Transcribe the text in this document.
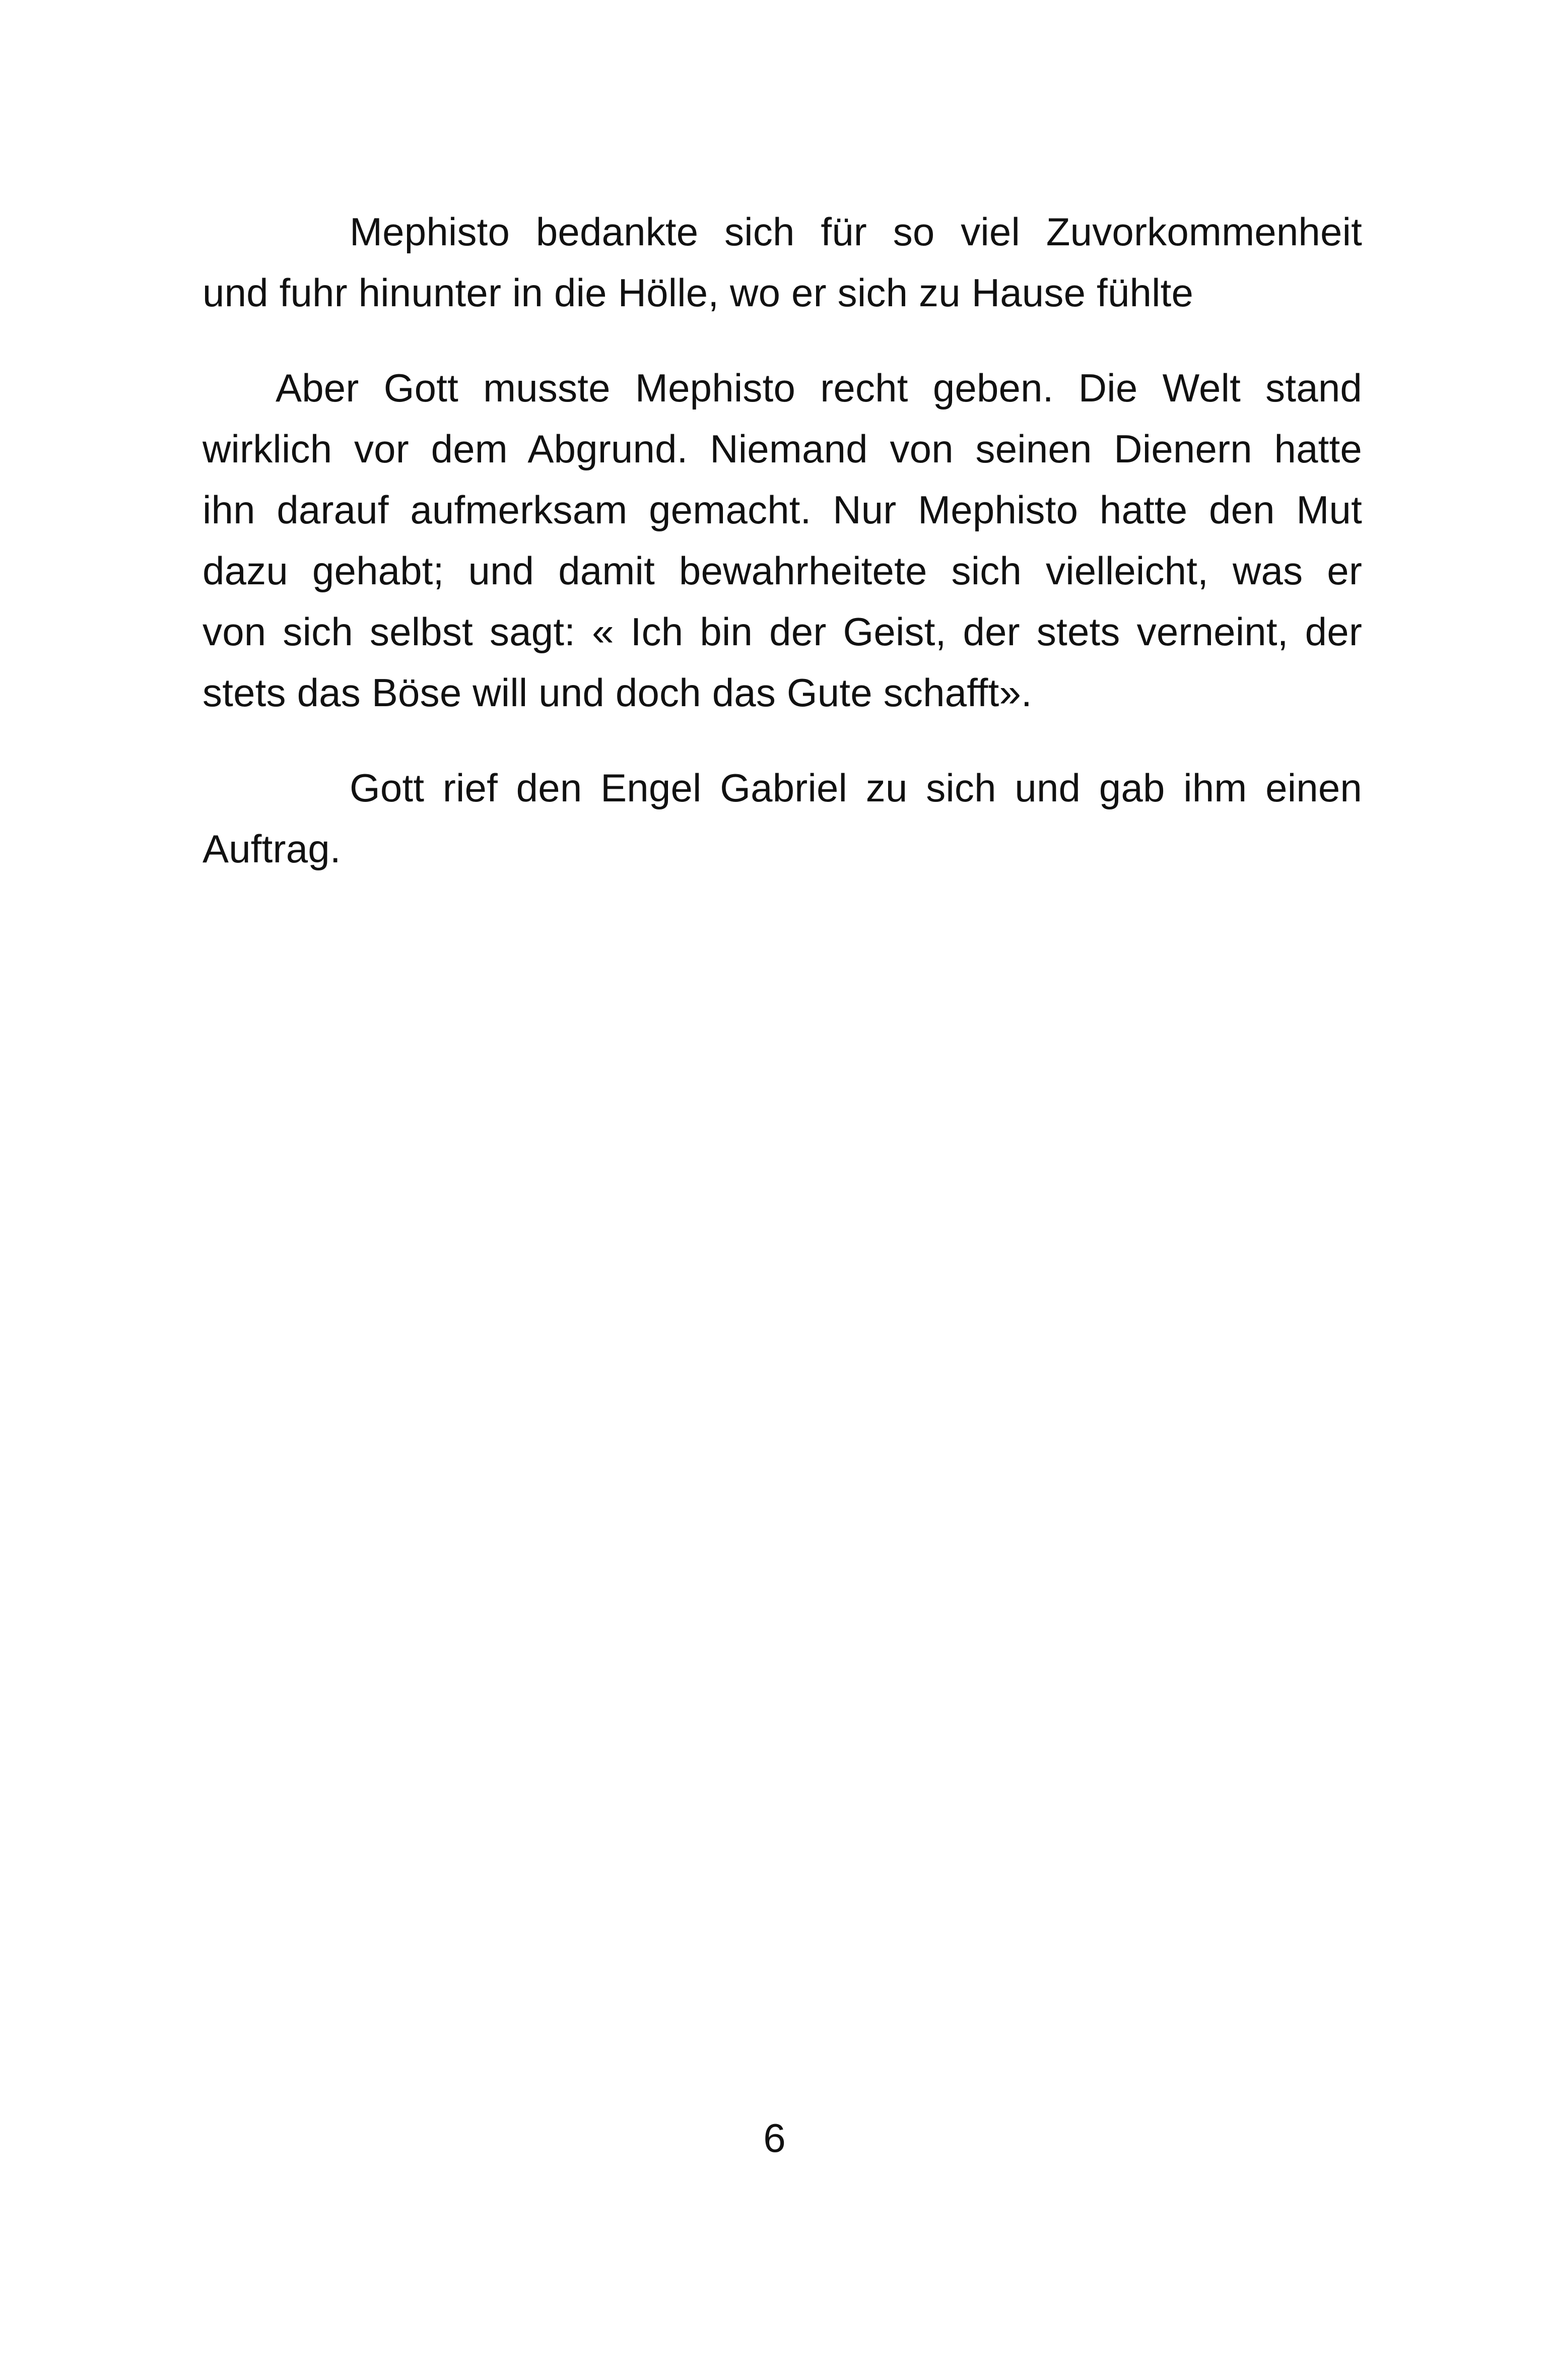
Mephisto bedankte sich für so viel Zuvorkommenheit
und fuhr hinunter in die Hölle, wo er sich zu Hause fühlte

Aber Gott musste Mephisto recht geben. Die Welt stand
wirklich vor dem Abgrund. Niemand von seinen Dienern hatte
ihn darauf aufmerksam gemacht. Nur Mephisto hatte den Mut
dazu gehabt; und damit bewahrheitete sich vielleicht, was er
von sich selbst sagt: « Ich bin der Geist, der stets verneint, der
stets das Böse will und doch das Gute schafft».

Gott rief den Engel Gabriel zu sich und gab ihm einen
Auftrag.

6
